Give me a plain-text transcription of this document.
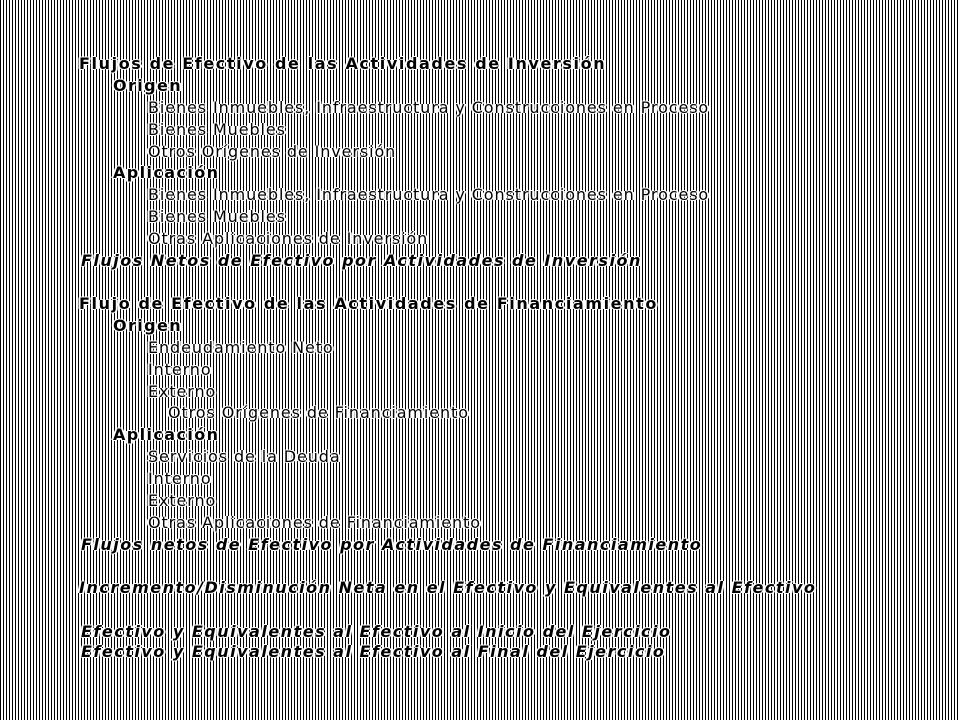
Flujos de Efectivo de las Actividades de Inversión
Origen
Bienes Inmuebles, Infraestructura y Construcciones en Proceso
Bienes Muebles
Otros Orígenes de Inversión
Aplicación
Bienes Inmuebles, Infraestructura y Construcciones en Proceso
Bienes Muebles
Otras Aplicaciones de Inversión
Flujos Netos de Efectivo por Actividades de Inversión
Flujo de Efectivo de las Actividades de Financiamiento
Origen
Endeudamiento Neto
Interno
Externo
Otros Orígenes de Financiamiento
Aplicación
Servicios de la Deuda
Interno
Externo
Otras Aplicaciones de Financiamiento
Flujos netos de Efectivo por Actividades de Financiamiento
Incremento/Disminución Neta en el Efectivo y Equivalentes al Efectivo
Efectivo y Equivalentes al Efectivo al Inicio del Ejercicio
Efectivo y Equivalentes al Efectivo al Final del Ejercicio
